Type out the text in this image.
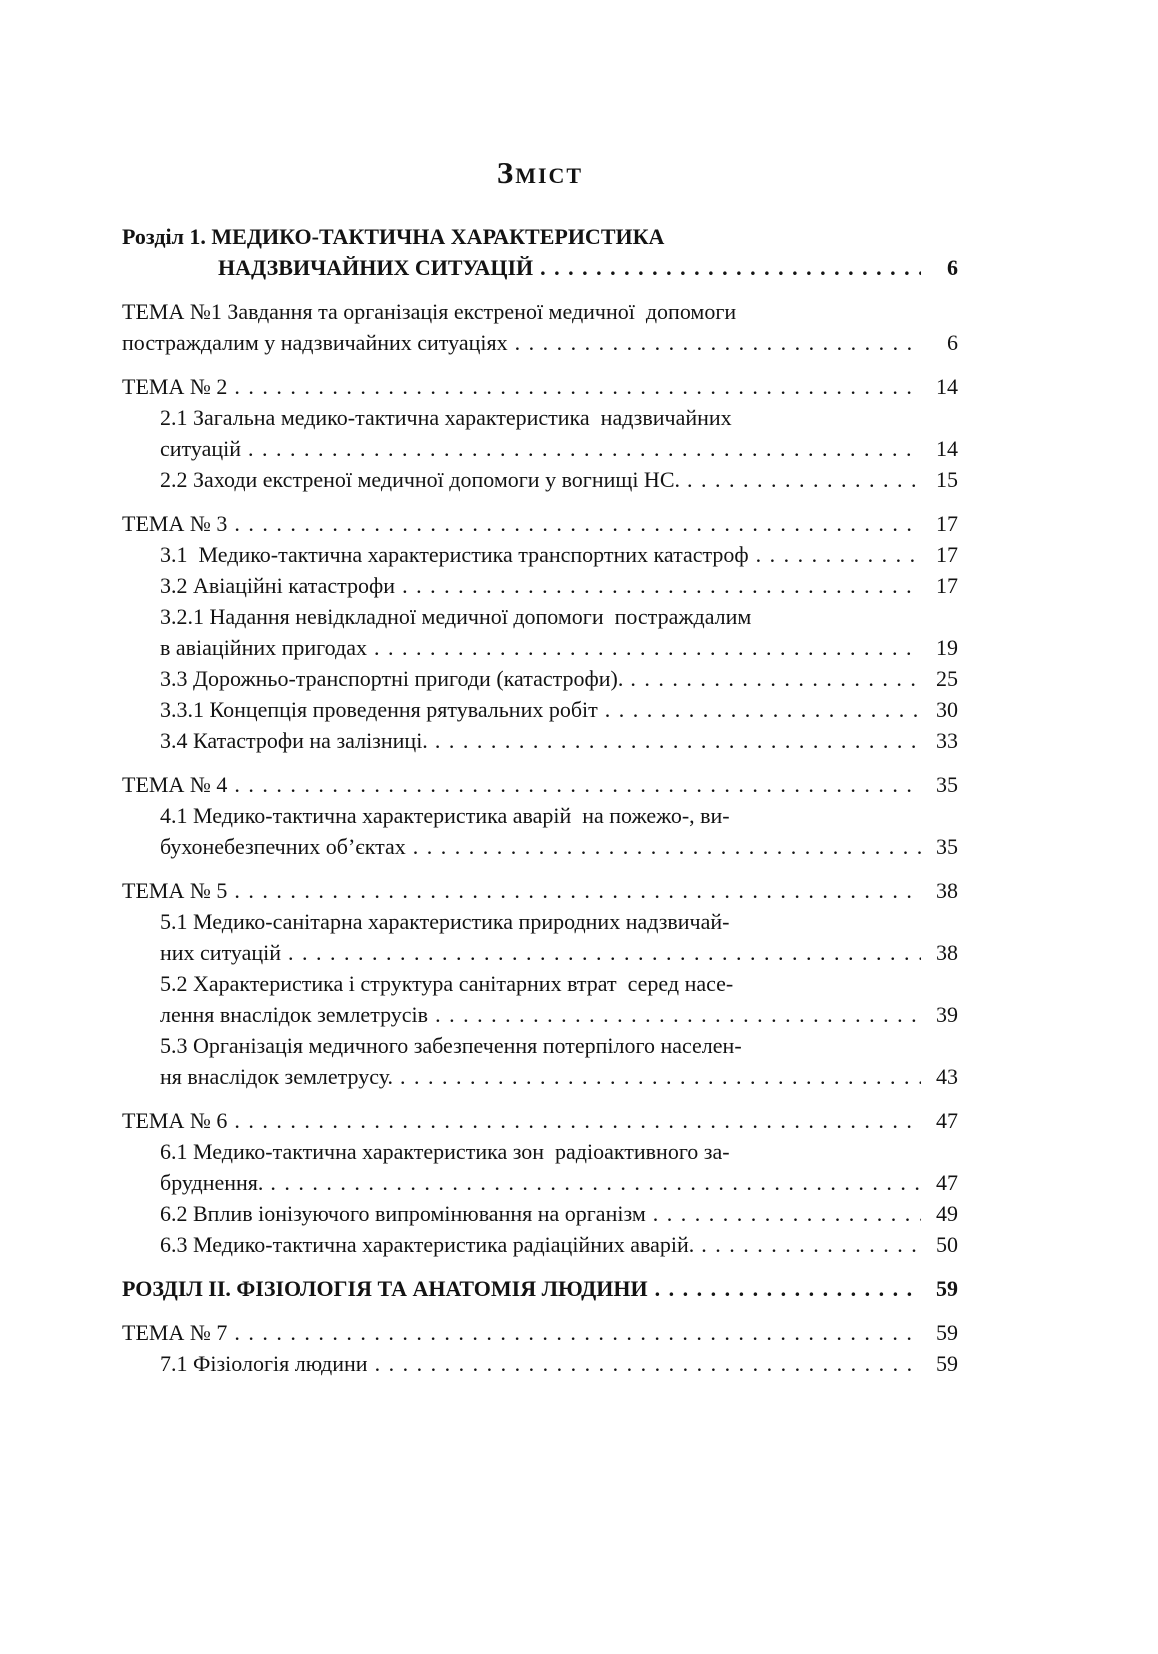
Зміст
Розділ 1. МЕДИКО-ТАКТИЧНА ХАРАКТЕРИСТИКА
НАДЗВИЧАЙНИХ СИТУАЦІЙ . . .	6
ТЕМА №1 Завдання та організація екстреної медичної  допомоги
постраждалим у надзвичайних ситуаціях . . .	6
ТЕМА № 2 . . .	14
2.1 Загальна медико-тактична характеристика  надзвичайних
ситуацій . . .	14
2.2 Заходи екстреної медичної допомоги у вогнищі НС. . . .	15
ТЕМА № 3 . . .	17
3.1  Медико-тактична характеристика транспортних катастроф . . .	17
3.2 Авіаційні катастрофи . . .	17
3.2.1 Надання невідкладної медичної допомоги  постраждалим
в авіаційних пригодах . . .	19
3.3 Дорожньо-транспортні пригоди (катастрофи). . . .	25
3.3.1 Концепція проведення рятувальних робіт . . .	30
3.4 Катастрофи на залізниці. . . .	33
ТЕМА № 4 . . .	35
4.1 Медико-тактична характеристика аварій  на пожежо-, ви-
бухонебезпечних об’єктах . . .	35
ТЕМА № 5 . . .	38
5.1 Медико-санітарна характеристика природних надзвичай-
них ситуацій . . .	38
5.2 Характеристика і структура санітарних втрат  серед насе-
лення внаслідок землетрусів . . .	39
5.3 Організація медичного забезпечення потерпілого населен-
ня внаслідок землетрусу. . . .	43
ТЕМА № 6 . . .	47
6.1 Медико-тактична характеристика зон  радіоактивного за-
бруднення. . . .	47
6.2 Вплив іонізуючого випромінювання на організм . . .	49
6.3 Медико-тактична характеристика радіаційних аварій. . . .	50
РОЗДІЛ ІІ. ФІЗІОЛОГІЯ ТА АНАТОМІЯ ЛЮДИНИ . . .	59
ТЕМА № 7 . . .	59
7.1 Фізіологія людини . . .	59
